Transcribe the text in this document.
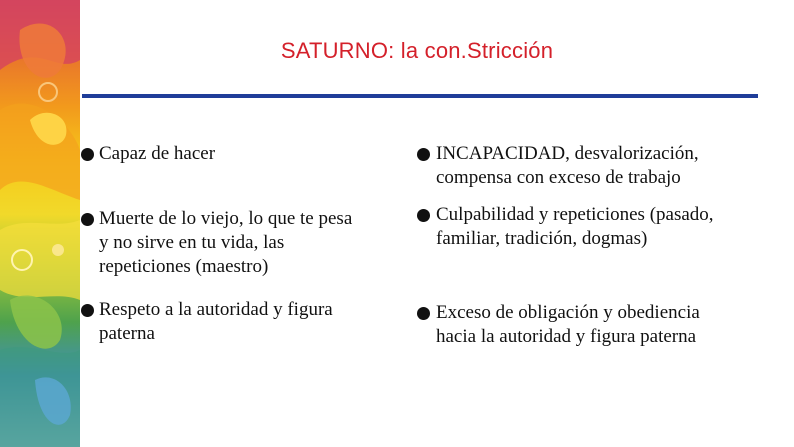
SATURNO: la con.Stricción
Capaz de hacer
Muerte de lo viejo, lo que te pesa
y no sirve en tu vida, las repeticiones (maestro)
Respeto a la autoridad y figura
paterna
INCAPACIDAD, desvalorización,
compensa con exceso de trabajo
Culpabilidad y repeticiones (pasado,
familiar, tradición, dogmas)
Exceso de obligación y obediencia
hacia la autoridad y figura paterna
